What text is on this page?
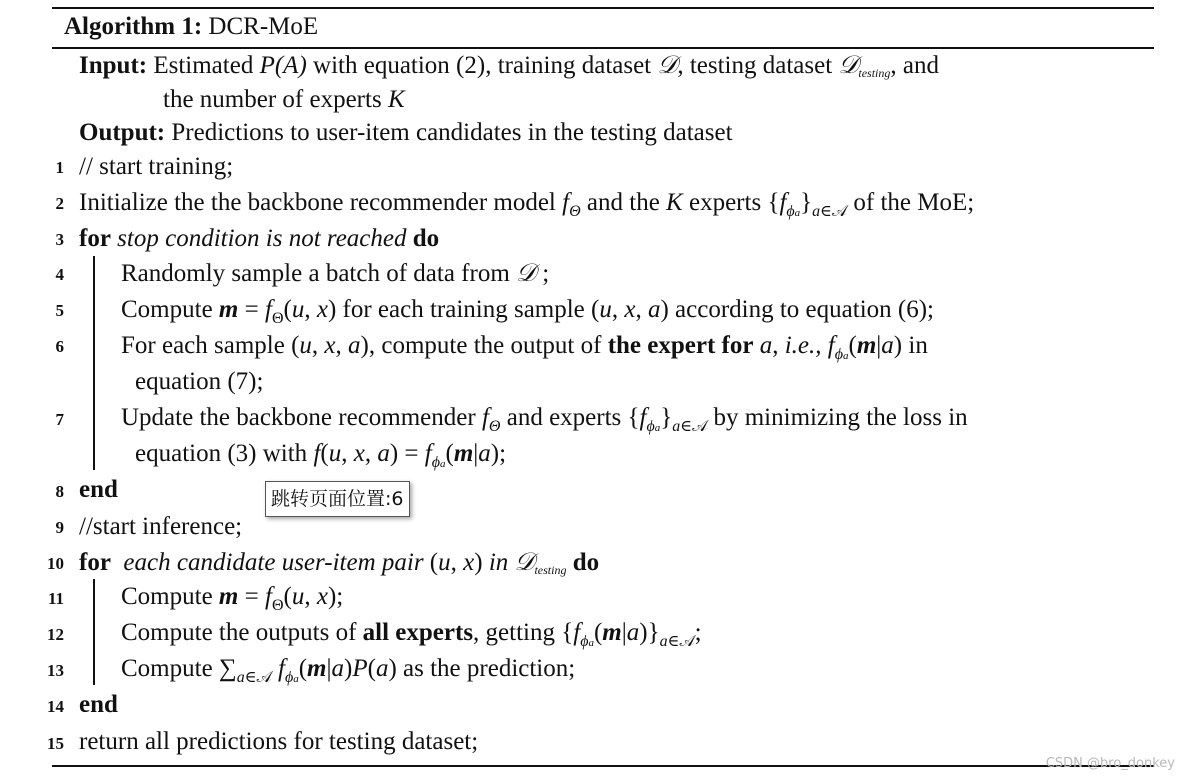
Algorithm 1: DCR-MoE
Input: Estimated P(A) with equation (2), training dataset 𝒟, testing dataset 𝒟testing, and
the number of experts K
Output: Predictions to user-item candidates in the testing dataset
1 // start training;
2 Initialize the the backbone recommender model $f_\Theta$ and the K experts $\{f_{\phi a}\}_{a\in 𝒜}$ of the MoE;
3 for stop condition is not reached do
4 Randomly sample a batch of data from 𝒟 ;
5 Compute $m = f_\Theta(u$, x) for each training sample (u, x, a) according to equation (6);
6 For each sample (u, x, a), compute the output of the expert for a, i.e., $f_{\phi a}(m|a)$ in
equation (7);
7 Update the backbone recommender $f_\Theta$ and experts $\{f_{\phi a}\}_{a\in 𝒜}$ by minimizing the loss in
equation (3) with f(u, x, $a) = f_{\phi a}(m|a)$;
8 end
9 //start inference;
10 for each candidate user-item pair (u, x) in 𝒟testing do
11 Compute $m = f_\Theta(u$, x);
12 Compute the outputs of all experts, getting $\{f_{\phi a}(m|a)\}_{a\in 𝒜}$;
13 Compute $\sum_{a\in 𝒜}$ $f_{\phi a}(m|a)P(a)$ as the prediction;
14 end
15 return all predictions for testing dataset;
跳转页面位置:6
CSDN @bro_donkey
